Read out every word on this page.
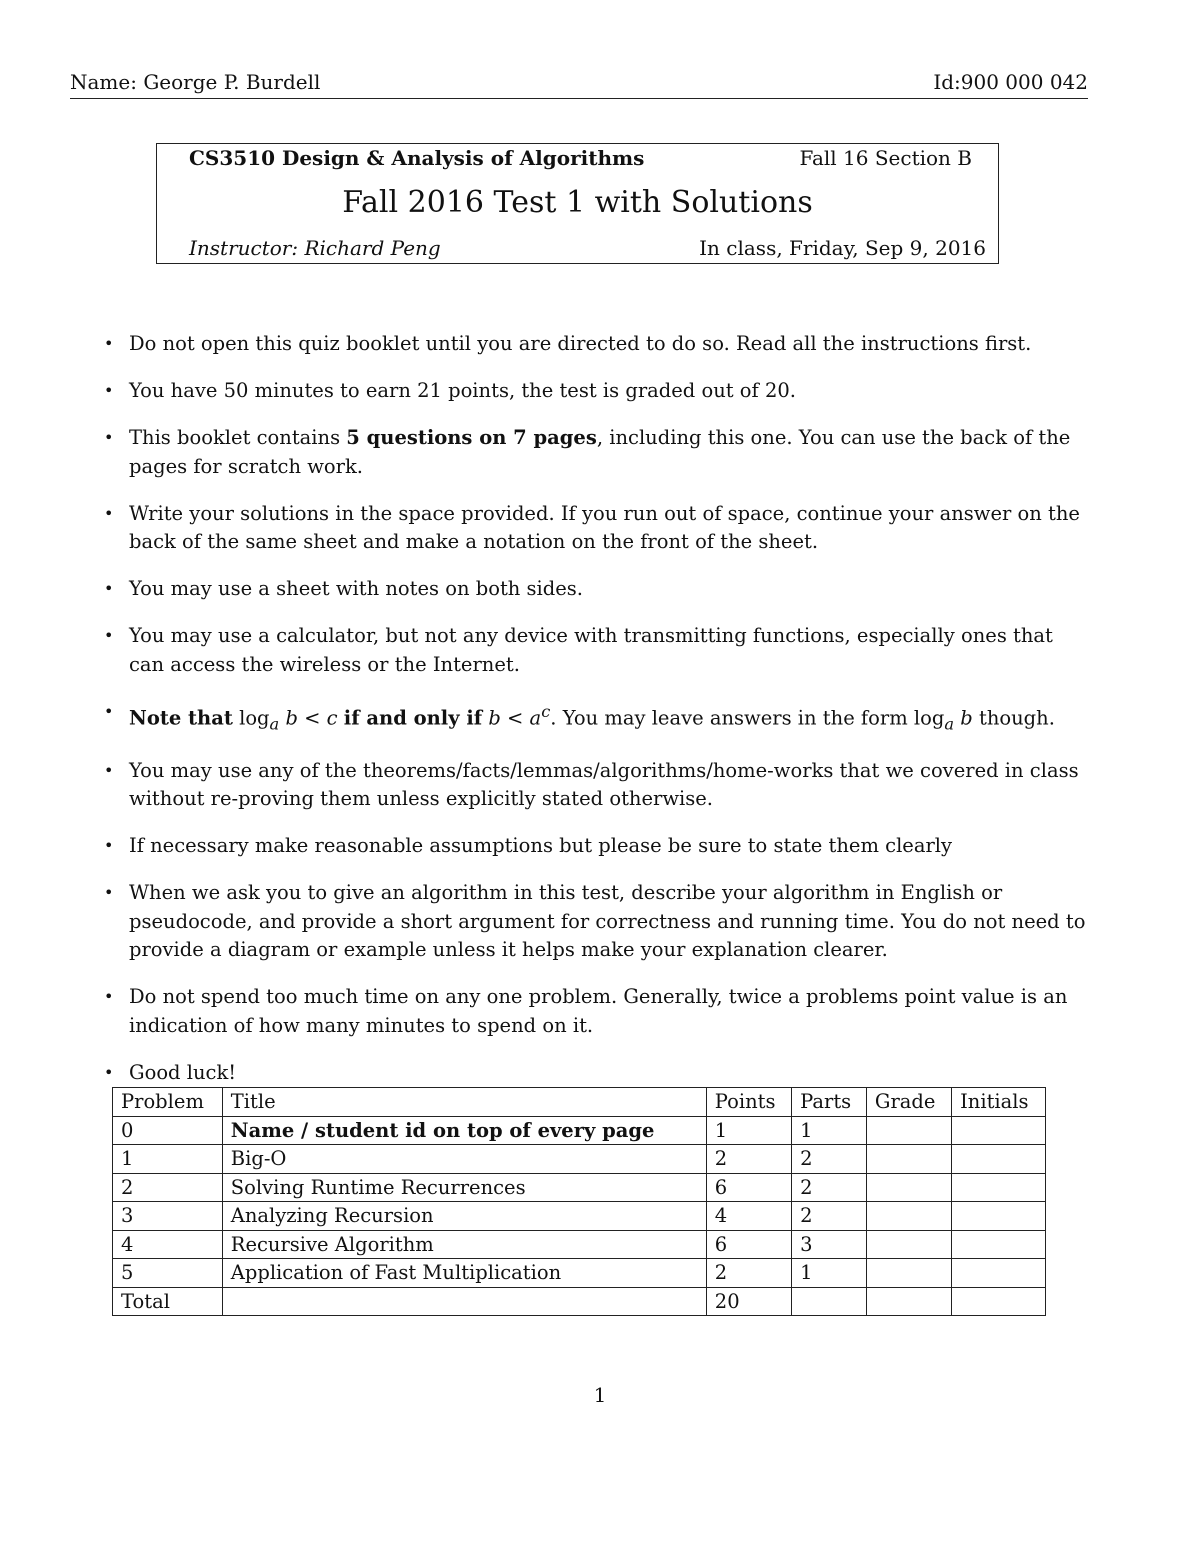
Name: George P. Burdell	Id:900 000 042
CS3510 Design & Analysis of Algorithms	Fall 16 Section B
Fall 2016 Test 1 with Solutions
Instructor: Richard Peng	In class, Friday, Sep 9, 2016
• Do not open this quiz booklet until you are directed to do so. Read all the instructions first.
• You have 50 minutes to earn 21 points, the test is graded out of 20.
• This booklet contains 5 questions on 7 pages, including this one. You can use the back of the pages for scratch work.
• Write your solutions in the space provided. If you run out of space, continue your answer on the back of the same sheet and make a notation on the front of the sheet.
• You may use a sheet with notes on both sides.
• You may use a calculator, but not any device with transmitting functions, especially ones that can access the wireless or the Internet.
• Note that $\log_a b < c$ if and only if $b < a^c$. You may leave answers in the form $\log_a b$ though.
• You may use any of the theorems/facts/lemmas/algorithms/home-works that we covered in class without re-proving them unless explicitly stated otherwise.
• If necessary make reasonable assumptions but please be sure to state them clearly
• When we ask you to give an algorithm in this test, describe your algorithm in English or pseudocode, and provide a short argument for correctness and running time. You do not need to provide a diagram or example unless it helps make your explanation clearer.
• Do not spend too much time on any one problem. Generally, twice a problems point value is an indication of how many minutes to spend on it.
• Good luck!
Problem	Title	Points	Parts	Grade	Initials
0	Name / student id on top of every page	1	1		
1	Big-O	2	2		
2	Solving Runtime Recurrences	6	2		
3	Analyzing Recursion	4	2		
4	Recursive Algorithm	6	3		
5	Application of Fast Multiplication	2	1		
Total		20			
1
